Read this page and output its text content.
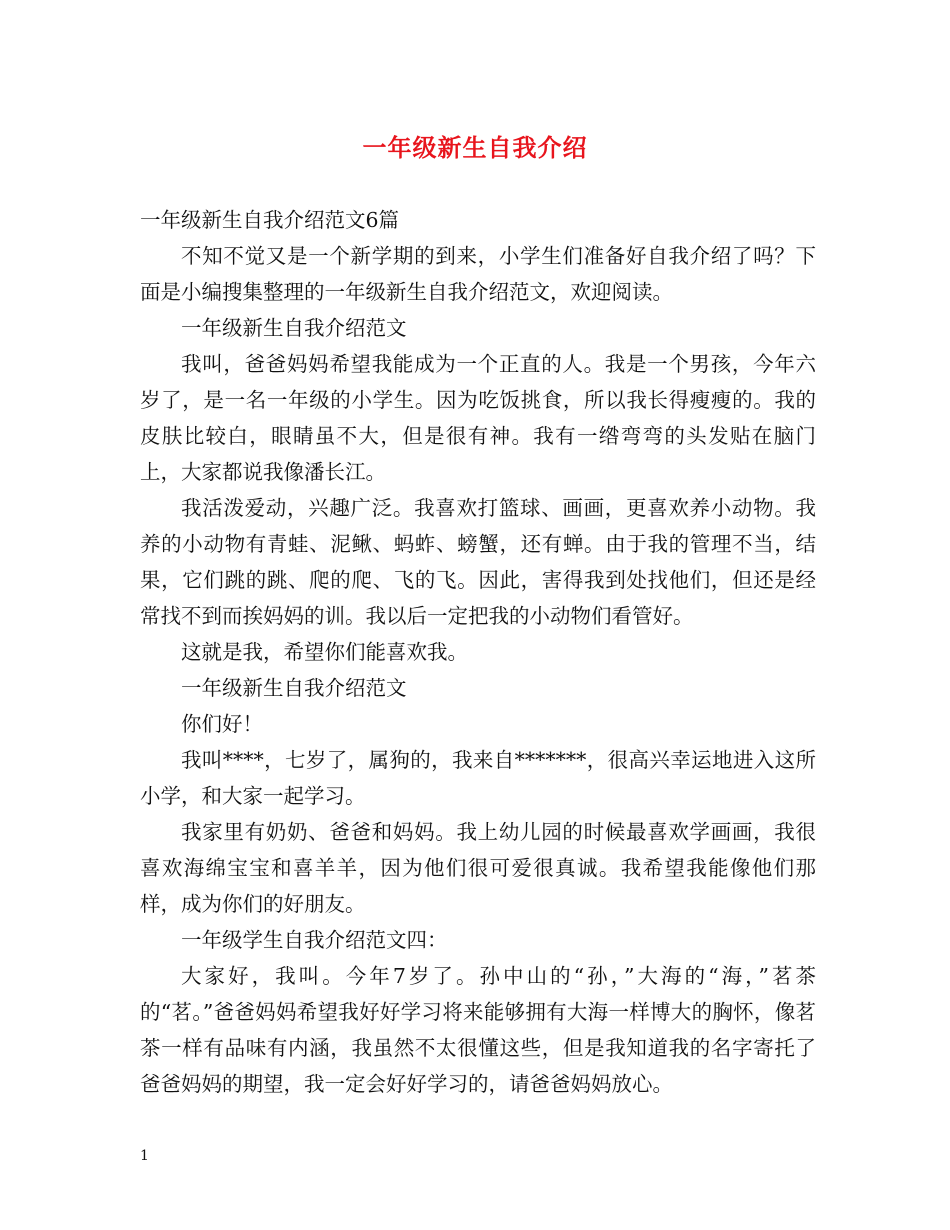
一年级新生自我介绍

一年级新生自我介绍范文6篇

不知不觉又是一个新学期的到来，小学生们准备好自我介绍了吗？下面是小编搜集整理的一年级新生自我介绍范文，欢迎阅读。

一年级新生自我介绍范文

我叫，爸爸妈妈希望我能成为一个正直的人。我是一个男孩，今年六岁了，是一名一年级的小学生。因为吃饭挑食，所以我长得瘦瘦的。我的皮肤比较白，眼睛虽不大，但是很有神。我有一绺弯弯的头发贴在脑门上，大家都说我像潘长江。

我活泼爱动，兴趣广泛。我喜欢打篮球、画画，更喜欢养小动物。我养的小动物有青蛙、泥鳅、蚂蚱、螃蟹，还有蝉。由于我的管理不当，结果，它们跳的跳、爬的爬、飞的飞。因此，害得我到处找他们，但还是经常找不到而挨妈妈的训。我以后一定把我的小动物们看管好。

这就是我，希望你们能喜欢我。

一年级新生自我介绍范文

你们好！

我叫****，七岁了，属狗的，我来自*******，很高兴幸运地进入这所小学，和大家一起学习。

我家里有奶奶、爸爸和妈妈。我上幼儿园的时候最喜欢学画画，我很喜欢海绵宝宝和喜羊羊，因为他们很可爱很真诚。我希望我能像他们那样，成为你们的好朋友。

一年级学生自我介绍范文四：

大家好，我叫。今年7岁了。孙中山的“孙，”大海的“海，”茗茶的“茗。”爸爸妈妈希望我好好学习将来能够拥有大海一样博大的胸怀，像茗茶一样有品味有内涵，我虽然不太很懂这些，但是我知道我的名字寄托了爸爸妈妈的期望，我一定会好好学习的，请爸爸妈妈放心。

1
